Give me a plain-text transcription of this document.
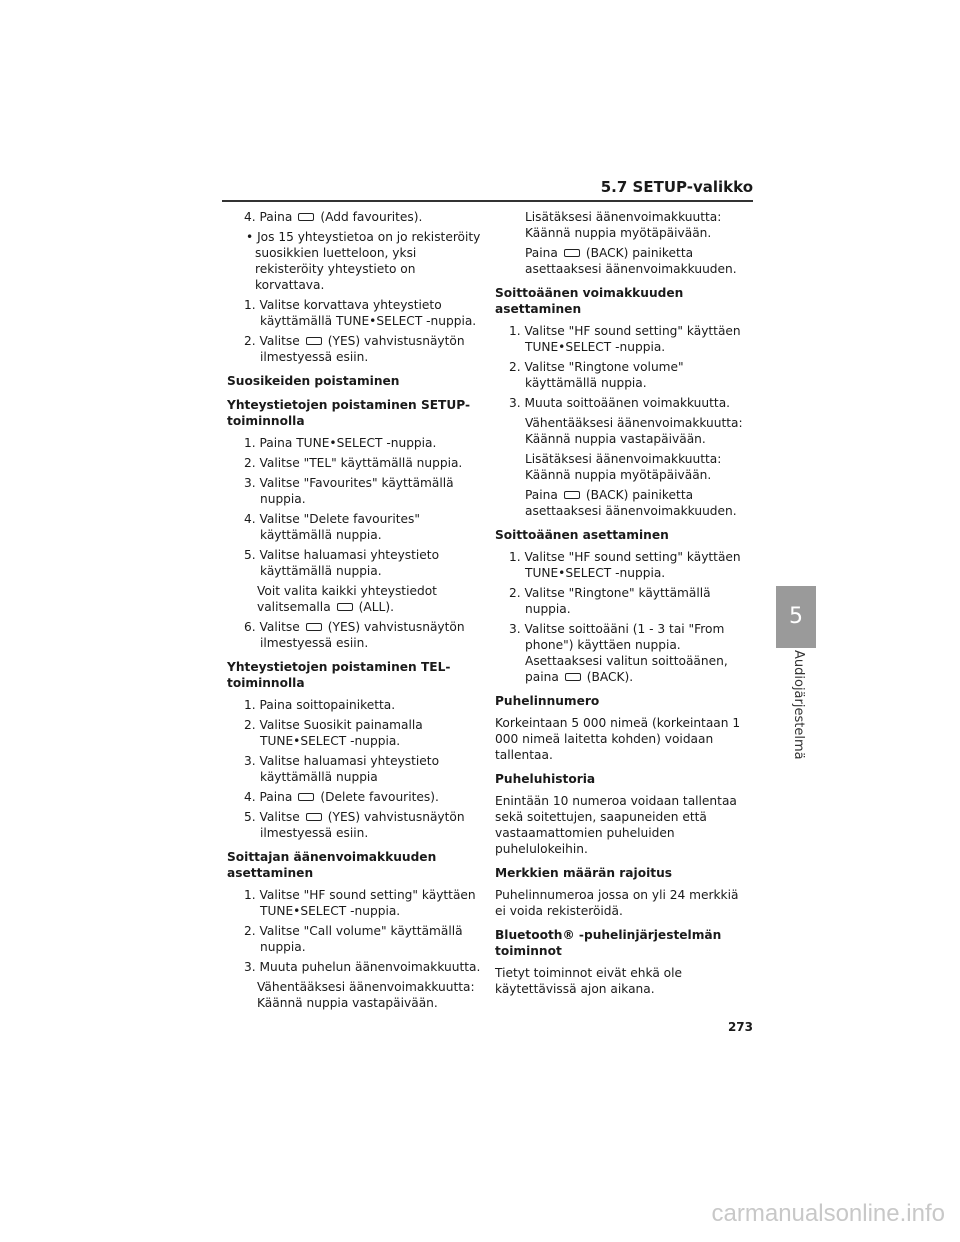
5.7 SETUP-valikko
4. Paina (Add favourites).
• Jos 15 yhteystietoa on jo rekisteröity suosikkien luetteloon, yksi rekisteröity yhteystieto on korvattava.
1. Valitse korvattava yhteystieto käyttämällä TUNE•SELECT -nuppia.
2. Valitse (YES) vahvistusnäytön ilmestyessä esiin.
Suosikeiden poistaminen
Yhteystietojen poistaminen SETUP-toiminnolla
1. Paina TUNE•SELECT -nuppia.
2. Valitse "TEL" käyttämällä nuppia.
3. Valitse "Favourites" käyttämällä nuppia.
4. Valitse "Delete favourites" käyttämällä nuppia.
5. Valitse haluamasi yhteystieto käyttämällä nuppia.
Voit valita kaikki yhteystiedot valitsemalla (ALL).
6. Valitse (YES) vahvistusnäytön ilmestyessä esiin.
Yhteystietojen poistaminen TEL-toiminnolla
1. Paina soittopainiketta.
2. Valitse Suosikit painamalla TUNE•SELECT -nuppia.
3. Valitse haluamasi yhteystieto käyttämällä nuppia
4. Paina (Delete favourites).
5. Valitse (YES) vahvistusnäytön ilmestyessä esiin.
Soittajan äänenvoimakkuuden asettaminen
1. Valitse "HF sound setting" käyttäen TUNE•SELECT -nuppia.
2. Valitse "Call volume" käyttämällä nuppia.
3. Muuta puhelun äänenvoimakkuutta.
Vähentääksesi äänenvoimakkuutta: Käännä nuppia vastapäivään.
Lisätäksesi äänenvoimakkuutta: Käännä nuppia myötäpäivään.
Paina (BACK) painiketta asettaaksesi äänenvoimakkuuden.
Soittoäänen voimakkuuden asettaminen
1. Valitse "HF sound setting" käyttäen TUNE•SELECT -nuppia.
2. Valitse "Ringtone volume" käyttämällä nuppia.
3. Muuta soittoäänen voimakkuutta.
Vähentääksesi äänenvoimakkuutta: Käännä nuppia vastapäivään.
Lisätäksesi äänenvoimakkuutta: Käännä nuppia myötäpäivään.
Paina (BACK) painiketta asettaaksesi äänenvoimakkuuden.
Soittoäänen asettaminen
1. Valitse "HF sound setting" käyttäen TUNE•SELECT -nuppia.
2. Valitse "Ringtone" käyttämällä nuppia.
3. Valitse soittoääni (1 - 3 tai "From phone") käyttäen nuppia. Asettaaksesi valitun soittoäänen, paina (BACK).
Puhelinnumero
Korkeintaan 5 000 nimeä (korkeintaan 1 000 nimeä laitetta kohden) voidaan tallentaa.
Puheluhistoria
Enintään 10 numeroa voidaan tallentaa sekä soitettujen, saapuneiden että vastaamattomien puheluiden puhelulokeihin.
Merkkien määrän rajoitus
Puhelinnumeroa jossa on yli 24 merkkiä ei voida rekisteröidä.
Bluetooth® -puhelinjärjestelmän toiminnot
Tietyt toiminnot eivät ehkä ole käytettävissä ajon aikana.
5
Audiojärjestelmä
273
carmanualsonline.info
